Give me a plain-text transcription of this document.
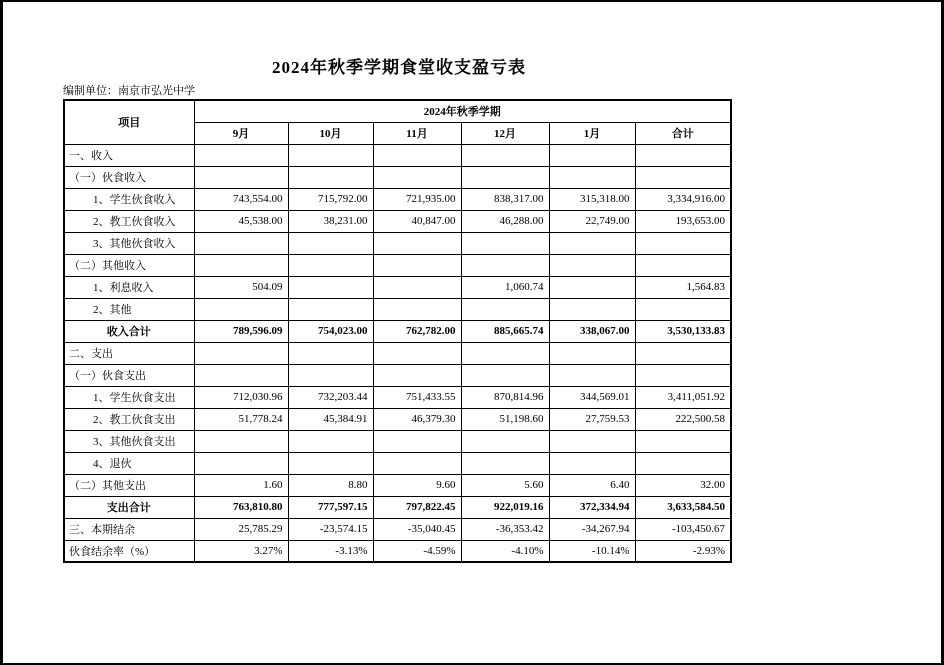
2024年秋季学期食堂收支盈亏表
编制单位：南京市弘光中学
项目	2024年秋季学期					
	9月	10月	11月	12月	1月	合计
一、收入						
（一）伙食收入						
1、学生伙食收入	743,554.00	715,792.00	721,935.00	838,317.00	315,318.00	3,334,916.00
2、教工伙食收入	45,538.00	38,231.00	40,847.00	46,288.00	22,749.00	193,653.00
3、其他伙食收入						
（二）其他收入						
1、利息收入	504.09			1,060.74		1,564.83
2、其他						
收入合计	789,596.09	754,023.00	762,782.00	885,665.74	338,067.00	3,530,133.83
二、支出						
（一）伙食支出						
1、学生伙食支出	712,030.96	732,203.44	751,433.55	870,814.96	344,569.01	3,411,051.92
2、教工伙食支出	51,778.24	45,384.91	46,379.30	51,198.60	27,759.53	222,500.58
3、其他伙食支出						
4、退伙						
（二）其他支出	1.60	8.80	9.60	5.60	6.40	32.00
支出合计	763,810.80	777,597.15	797,822.45	922,019.16	372,334.94	3,633,584.50
三、本期结余	25,785.29	-23,574.15	-35,040.45	-36,353.42	-34,267.94	-103,450.67
伙食结余率（%）	3.27%	-3.13%	-4.59%	-4.10%	-10.14%	-2.93%
